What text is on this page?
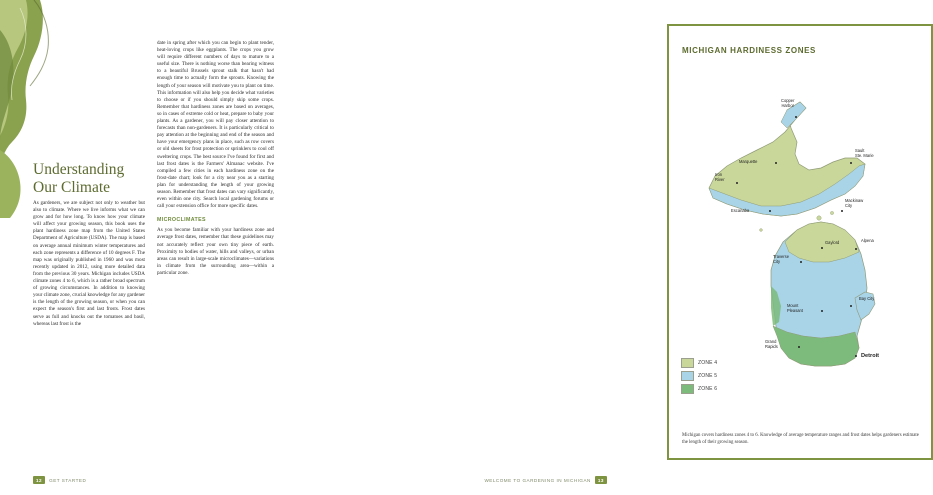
Understanding
Our Climate
As gardeners, we are subject not only to weather but also to climate. Where we live informs what we can grow and for how long. To know how your climate will affect your growing season, this book uses the plant hardiness zone map from the United States Department of Agriculture (USDA). The map is based on average annual minimum winter temperatures and each zone represents a difference of 10 degrees F. The map was originally published in 1960 and was most recently updated in 2012, using more detailed data from the previous 30 years. Michigan includes USDA climate zones 4 to 6, which is a rather broad spectrum of growing circumstances. In addition to knowing your climate zone, crucial knowledge for any gardener is the length of the growing season, or when you can expect the season's first and last frosts. Frost dates serve as full and knocks out the tomatoes and basil, whereas last frost is the
date in spring after which you can begin to plant tender, heat-loving crops like eggplants. The crops you grow will require different numbers of days to mature to a useful size. There is nothing worse than bearing witness to a beautiful Brussels sprout stalk that hasn't had enough time to actually form the sprouts. Knowing the length of your season will motivate you to plant on time. This information will also help you decide what varieties to choose or if you should simply skip some crops. Remember that hardiness zones are based on averages, so in cases of extreme cold or heat, prepare to baby your plants. As a gardener, you will pay closer attention to forecasts than non-gardeners. It is particularly critical to pay attention at the beginning and end of the season and have your emergency plans in place, such as row covers or old sheets for frost protection or sprinklers to cool off sweltering crops. The best source I've found for first and last frost dates is the Farmers' Almanac website. I've compiled a few cities in each hardiness zone on the frost-date chart; look for a city near you as a starting plan for understanding the length of your growing season. Remember that frost dates can vary significantly, even within one city. Search local gardening forums or call your extension office for more specific dates.
MICROCLIMATES
As you become familiar with your hardiness zone and average frost dates, remember that these guidelines may not accurately reflect your own tiny piece of earth. Proximity to bodies of water, hills and valleys, or urban areas can result in large-scale microclimates—variations in climate from the surrounding area—within a particular zone.
12	GET STARTED
MICHIGAN HARDINESS ZONES
Copper
Harbor
Marquette
Sault
Ste. Marie
Iron
River
Escanaba
Mackinaw
City
Gaylord	Alpena
Traverse
City
Mount
Pleasant
Bay City
Grand
Rapids
Detroit
ZONE 4
ZONE 5
ZONE 6
Michigan covers hardiness zones 4 to 6. Knowledge of average temperature ranges and frost dates helps gardeners estimate the length of their growing season.
WELCOME TO GARDENING IN MICHIGAN	13
